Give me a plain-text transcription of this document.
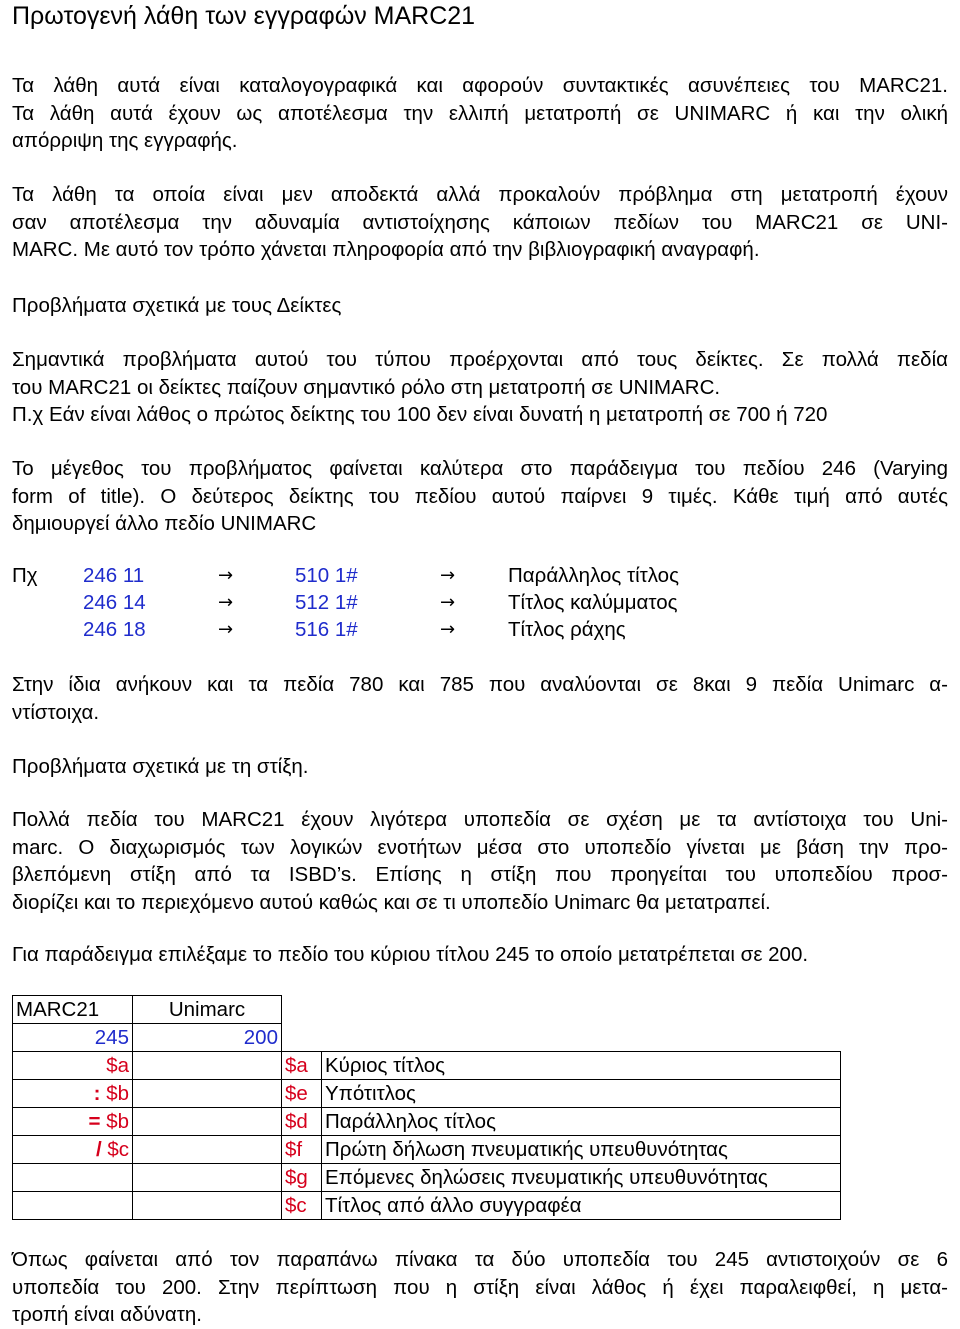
Πρωτογενή λάθη των εγγραφών MARC21
Τα λάθη αυτά είναι καταλογογραφικά και αφορούν συντακτικές ασυνέπειες του MARC21.
Τα λάθη αυτά έχουν ως αποτέλεσμα την ελλιπή μετατροπή σε UNIMARC ή και την ολική
απόρριψη της εγγραφής.
Τα λάθη τα οποία είναι μεν αποδεκτά αλλά προκαλούν πρόβλημα στη μετατροπή έχουν
σαν αποτέλεσμα την αδυναμία αντιστοίχησης κάποιων πεδίων του MARC21 σε UNI-
MARC. Με αυτό τον τρόπο χάνεται πληροφορία από την βιβλιογραφική αναγραφή.
Προβλήματα σχετικά με τους Δείκτες
Σημαντικά προβλήματα αυτού του τύπου προέρχονται από τους δείκτες. Σε πολλά πεδία
του MARC21 οι δείκτες παίζουν σημαντικό ρόλο στη μετατροπή σε UNIMARC.
Π.χ Εάν είναι λάθος ο πρώτος δείκτης του 100 δεν είναι δυνατή η μετατροπή σε 700 ή 720
Το μέγεθος του προβλήματος φαίνεται καλύτερα στο παράδειγμα του πεδίου 246 (Varying
form of title). Ο δεύτερος δείκτης του πεδίου αυτού παίρνει 9 τιμές. Κάθε τιμή από αυτές
δημιουργεί άλλο πεδίο UNIMARC
Πχ 246 11	→	510 1#	→	Παράλληλος τίτλος
246 14	→	512 1#	→	Τίτλος καλύμματος
246 18	→	516 1#	→	Τίτλος ράχης
Στην ίδια ανήκουν και τα πεδία 780 και 785 που αναλύονται σε 8και 9 πεδία Unimarc α-
ντίστοιχα.
Προβλήματα σχετικά με τη στίξη.
Πολλά πεδία του MARC21 έχουν λιγότερα υποπεδία σε σχέση με τα αντίστοιχα του Uni-
marc. Ο διαχωρισμός των λογικών ενοτήτων μέσα στο υποπεδίο γίνεται με βάση την προ-
βλεπόμενη στίξη από τα ISBD’s. Επίσης η στίξη που προηγείται του υποπεδίου προσ-
διορίζει και το περιεχόμενο αυτού καθώς και σε τι υποπεδίο Unimarc θα μετατραπεί.
Για παράδειγμα επιλέξαμε το πεδίο του κύριου τίτλου 245 το οποίο μετατρέπεται σε 200.
MARC21	Unimarc		
245	200		
$a		$a	Κύριος τίτλος
: $b		$e	Υπότιτλος
= $b		$d	Παράλληλος τίτλος
/ $c		$f	Πρώτη δήλωση πνευματικής υπευθυνότητας
		$g	Επόμενες δηλώσεις πνευματικής υπευθυνότητας
		$c	Τίτλος από άλλο συγγραφέα
Όπως φαίνεται από τον παραπάνω πίνακα τα δύο υποπεδία του 245 αντιστοιχούν σε 6
υποπεδία του 200. Στην περίπτωση που η στίξη είναι λάθος ή έχει παραλειφθεί, η μετα-
τροπή είναι αδύνατη.
